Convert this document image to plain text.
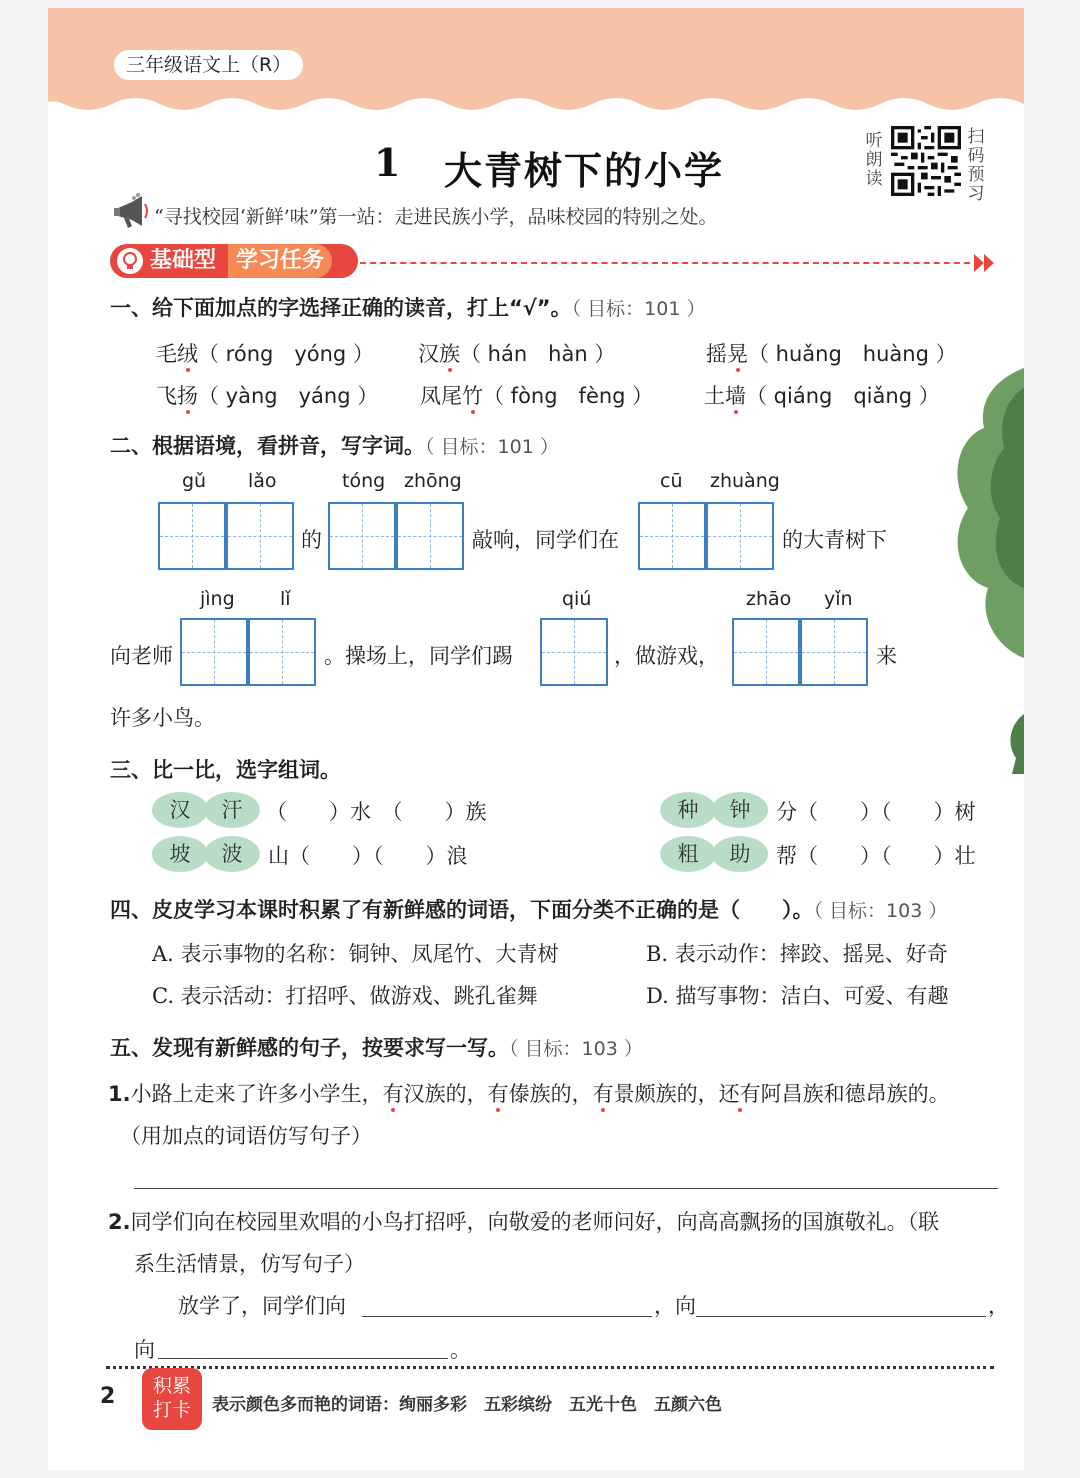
三年级语文上（R）
1 大青树下的小学
听朗读
扫码预习
“寻找校园‘新鲜’味”第一站：走进民族小学，品味校园的特别之处。
基础型 学习任务
一、给下面加点的字选择正确的读音，打上“√”。（ 目标：101 ）
毛绒（ róng　yóng ） 汉族（ hán　hàn ）	摇晃（ huǎng　huàng ）
飞扬（ yàng　yáng ） 凤尾竹（ fòng　fèng ） 土墙（ qiáng　qiǎng ）
二、根据语境，看拼音，写字词。（ 目标：101 ）
gǔ lǎo	tóng zhōng	cū zhuàng
的	敲响，同学们在	的大青树下
jìng lǐ	qiú	zhāo yǐn
向老师	。操场上，同学们踢	，做游戏，	来
许多小鸟。
三、比一比，选字组词。
汉	汗	（　　）水　（　　）族	种	钟	分（　　）（　　）树
坡	波	山（　　）（　　）浪	粗	助	帮（　　）（　　）壮
四、皮皮学习本课时积累了有新鲜感的词语，下面分类不正确的是（　　）。（ 目标：103 ）
A. 表示事物的名称：铜钟、凤尾竹、大青树	B. 表示动作：摔跤、摇晃、好奇
C. 表示活动：打招呼、做游戏、跳孔雀舞	D. 描写事物：洁白、可爱、有趣
五、发现有新鲜感的句子，按要求写一写。（ 目标：103 ）
1.小路上走来了许多小学生，有汉族的，有傣族的，有景颇族的，还有阿昌族和德昂族的。
（用加点的词语仿写句子）
2.同学们向在校园里欢唱的小鸟打招呼，向敬爱的老师问好，向高高飘扬的国旗敬礼。（联
系生活情景，仿写句子）
放学了，同学们向	，向	，
向	。
2	积累
打卡	表示颜色多而艳的词语：绚丽多彩　五彩缤纷　五光十色　五颜六色
